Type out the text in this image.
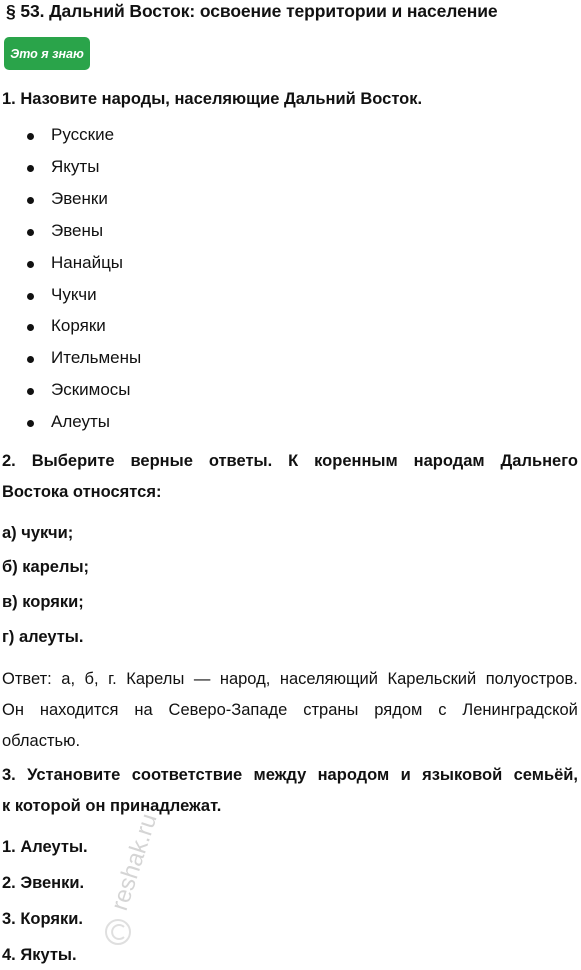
§ 53. Дальний Восток: освоение территории и население
Это я знаю
1. Назовите народы, населяющие Дальний Восток.
Русские
Якуты
Эвенки
Эвены
Нанайцы
Чукчи
Коряки
Ительмены
Эскимосы
Алеуты
2. Выберите верные ответы. К коренным народам Дальнего
Востока относятся:
а) чукчи;
б) карелы;
в) коряки;
г) алеуты.
Ответ: а, б, г. Карелы — народ, населяющий Карельский полуостров.
Он находится на Северо-Западе страны рядом с Ленинградской
областью.
3. Установите соответствие между народом и языковой семьёй,
к которой он принадлежат.
1. Алеуты.
2. Эвенки.
3. Коряки.
4. Якуты.
reshak.ru
